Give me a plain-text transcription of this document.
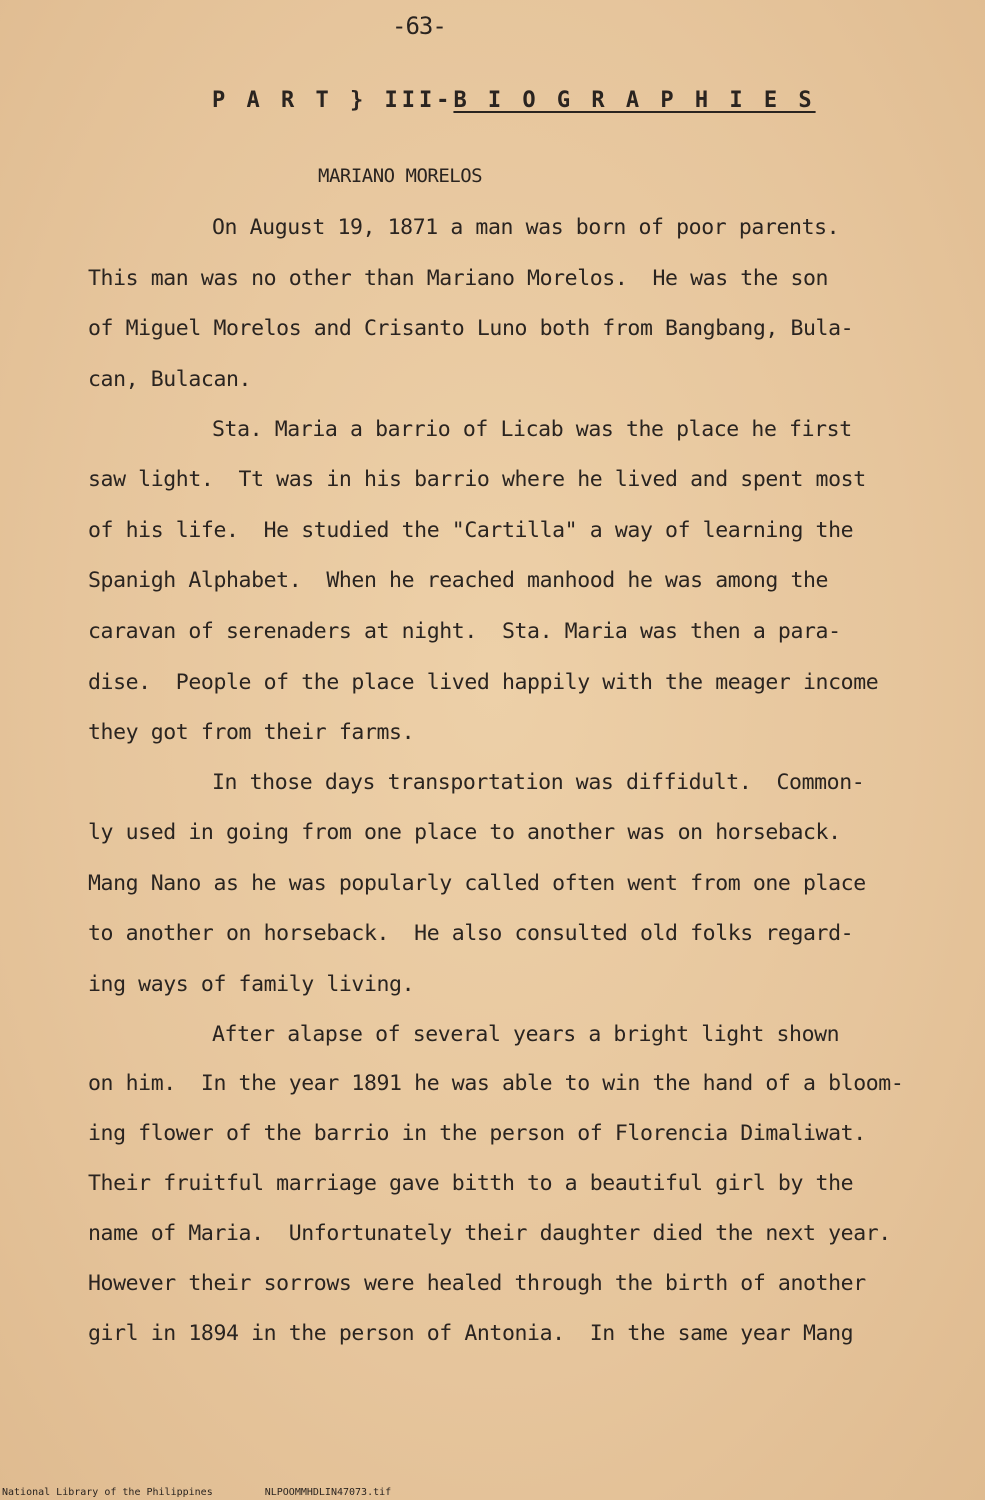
-63-
P A R T } III-B I O G R A P H I E S
MARIANO MORELOS
On August 19, 1871 a man was born of poor parents.
This man was no other than Mariano Morelos.  He was the son
of Miguel Morelos and Crisanto Luno both from Bangbang, Bula-
can, Bulacan.
Sta. Maria a barrio of Licab was the place he first
saw light.  Tt was in his barrio where he lived and spent most
of his life.  He studied the "Cartilla" a way of learning the
Spanigh Alphabet.  When he reached manhood he was among the
caravan of serenaders at night.  Sta. Maria was then a para-
dise.  People of the place lived happily with the meager income
they got from their farms.
In those days transportation was diffidult.  Common-
ly used in going from one place to another was on horseback.
Mang Nano as he was popularly called often went from one place
to another on horseback.  He also consulted old folks regard-
ing ways of family living.
After alapse of several years a bright light shown
on him.  In the year 1891 he was able to win the hand of a bloom-
ing flower of the barrio in the person of Florencia Dimaliwat.
Their fruitful marriage gave bitth to a beautiful girl by the
name of Maria.  Unfortunately their daughter died the next year.
However their sorrows were healed through the birth of another
girl in 1894 in the person of Antonia.  In the same year Mang
National Library of the Philippines	NLPOOMMHDLIN47073.tif
